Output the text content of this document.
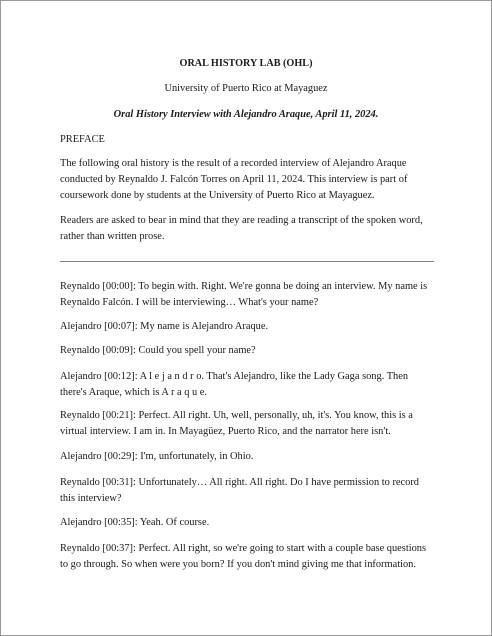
ORAL HISTORY LAB (OHL)
University of Puerto Rico at Mayaguez
Oral History Interview with Alejandro Araque, April 11, 2024.
PREFACE

The following oral history is the result of a recorded interview of Alejandro Araque conducted by Reynaldo J. Falcón Torres on April 11, 2024. This interview is part of coursework done by students at the University of Puerto Rico at Mayaguez.

Readers are asked to bear in mind that they are reading a transcript of the spoken word, rather than written prose.

Reynaldo [00:00]: To begin with. Right. We're gonna be doing an interview. My name is Reynaldo Falcón. I will be interviewing… What's your name?

Alejandro [00:07]: My name is Alejandro Araque.

Reynaldo [00:09]: Could you spell your name?

Alejandro [00:12]: A l e j a n d r o. That's Alejandro, like the Lady Gaga song. Then there's Araque, which is A r a q u e.

Reynaldo [00:21]: Perfect. All right. Uh, well, personally, uh, it's. You know, this is a virtual interview. I am in. In Mayagüez, Puerto Rico, and the narrator here isn't.

Alejandro [00:29]: I'm, unfortunately, in Ohio.

Reynaldo [00:31]: Unfortunately… All right. All right. Do I have permission to record this interview?

Alejandro [00:35]: Yeah. Of course.

Reynaldo [00:37]: Perfect. All right, so we're going to start with a couple base questions to go through. So when were you born? If you don't mind giving me that information.
